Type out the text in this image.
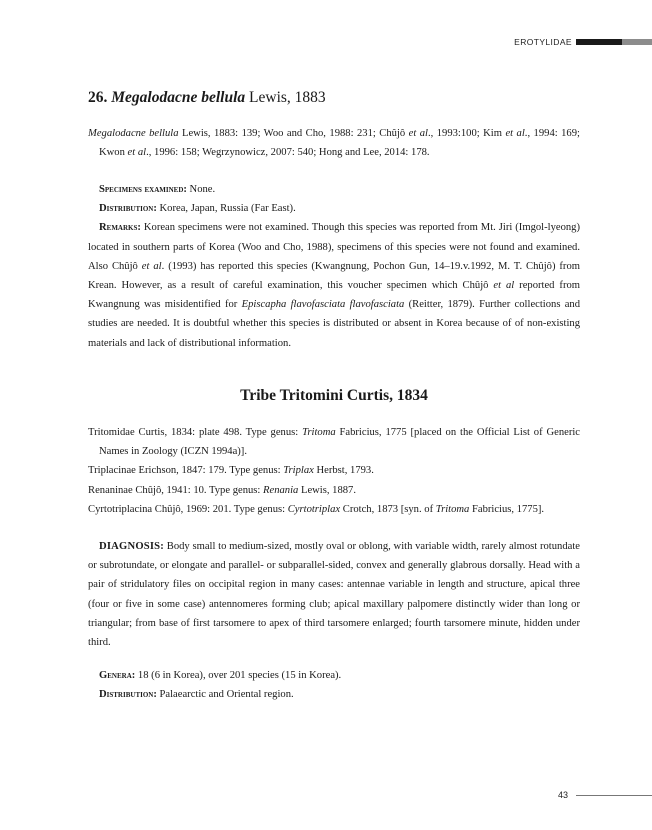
EROTYLIDAE
26. Megalodacne bellula Lewis, 1883

Megalodacne bellula Lewis, 1883: 139; Woo and Cho, 1988: 231; Chûjô et al., 1993:100; Kim et al., 1994: 169; Kwon et al., 1996: 158; Wegrzynowicz, 2007: 540; Hong and Lee, 2014: 178.

Specimens examined: None.

Distribution: Korea, Japan, Russia (Far East).

Remarks: Korean specimens were not examined. Though this species was reported from Mt. Jiri (Imgol-lyeong) located in southern parts of Korea (Woo and Cho, 1988), specimens of this species were not found and examined. Also Chûjô et al. (1993) has reported this species (Kwangnung, Pochon Gun, 14–19.v.1992, M. T. Chûjô) from Krean. However, as a result of careful examination, this voucher specimen which Chûjô et al reported from Kwangnung was misidentified for Episcapha flavofasciata flavofasciata (Reitter, 1879). Further collections and studies are needed. It is doubtful whether this species is distributed or absent in Korea because of of non-existing materials and lack of distributional information.

Tribe Tritomini Curtis, 1834

Tritomidae Curtis, 1834: plate 498. Type genus: Tritoma Fabricius, 1775 [placed on the Official List of Generic Names in Zoology (ICZN 1994a)].

Triplacinae Erichson, 1847: 179. Type genus: Triplax Herbst, 1793.

Renaninae Chûjô, 1941: 10. Type genus: Renania Lewis, 1887.

Cyrtotriplacina Chûjô, 1969: 201. Type genus: Cyrtotriplax Crotch, 1873 [syn. of Tritoma Fabricius, 1775].

DIAGNOSIS: Body small to medium-sized, mostly oval or oblong, with variable width, rarely almost rotundate or subrotundate, or elongate and parallel- or subparallel-sided, convex and generally glabrous dorsally. Head with a pair of stridulatory files on occipital region in many cases: antennae variable in length and structure, apical three (four or five in some case) antennomeres forming club; apical maxillary palpomere distinctly wider than long or triangular; from base of first tarsomere to apex of third tarsomere enlarged; fourth tarsomere minute, hidden under third.

Genera: 18 (6 in Korea), over 201 species (15 in Korea).

Distribution: Palaearctic and Oriental region.

43
